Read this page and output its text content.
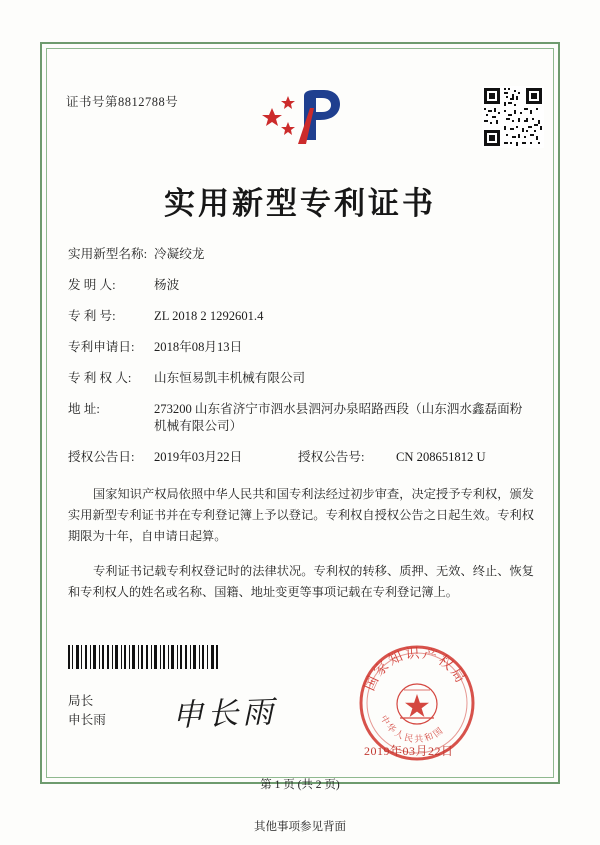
证书号第8812788号
实用新型专利证书
实用新型名称: 冷凝绞龙
发 明 人:	杨波
专 利 号:	ZL 2018 2 1292601.4
专利申请日: 2018年08月13日
专 利 权 人: 山东恒易凯丰机械有限公司
地 址:	273200 山东省济宁市泗水县泗河办泉昭路西段（山东泗水鑫磊面粉机械有限公司）
授权公告日: 2019年03月22日	授权公告号:	CN 208651812 U

国家知识产权局依照中华人民共和国专利法经过初步审查，决定授予专利权，颁发实用新型专利证书并在专利登记簿上予以登记。专利权自授权公告之日起生效。专利权期限为十年，自申请日起算。

专利证书记载专利权登记时的法律状况。专利权的转移、质押、无效、终止、恢复和专利权人的姓名或名称、国籍、地址变更等事项记载在专利登记簿上。

局长
申长雨 申长雨
国家知识产权局
中华人民共和国
2019年03月22日
第 1 页 (共 2 页)
其他事项参见背面
